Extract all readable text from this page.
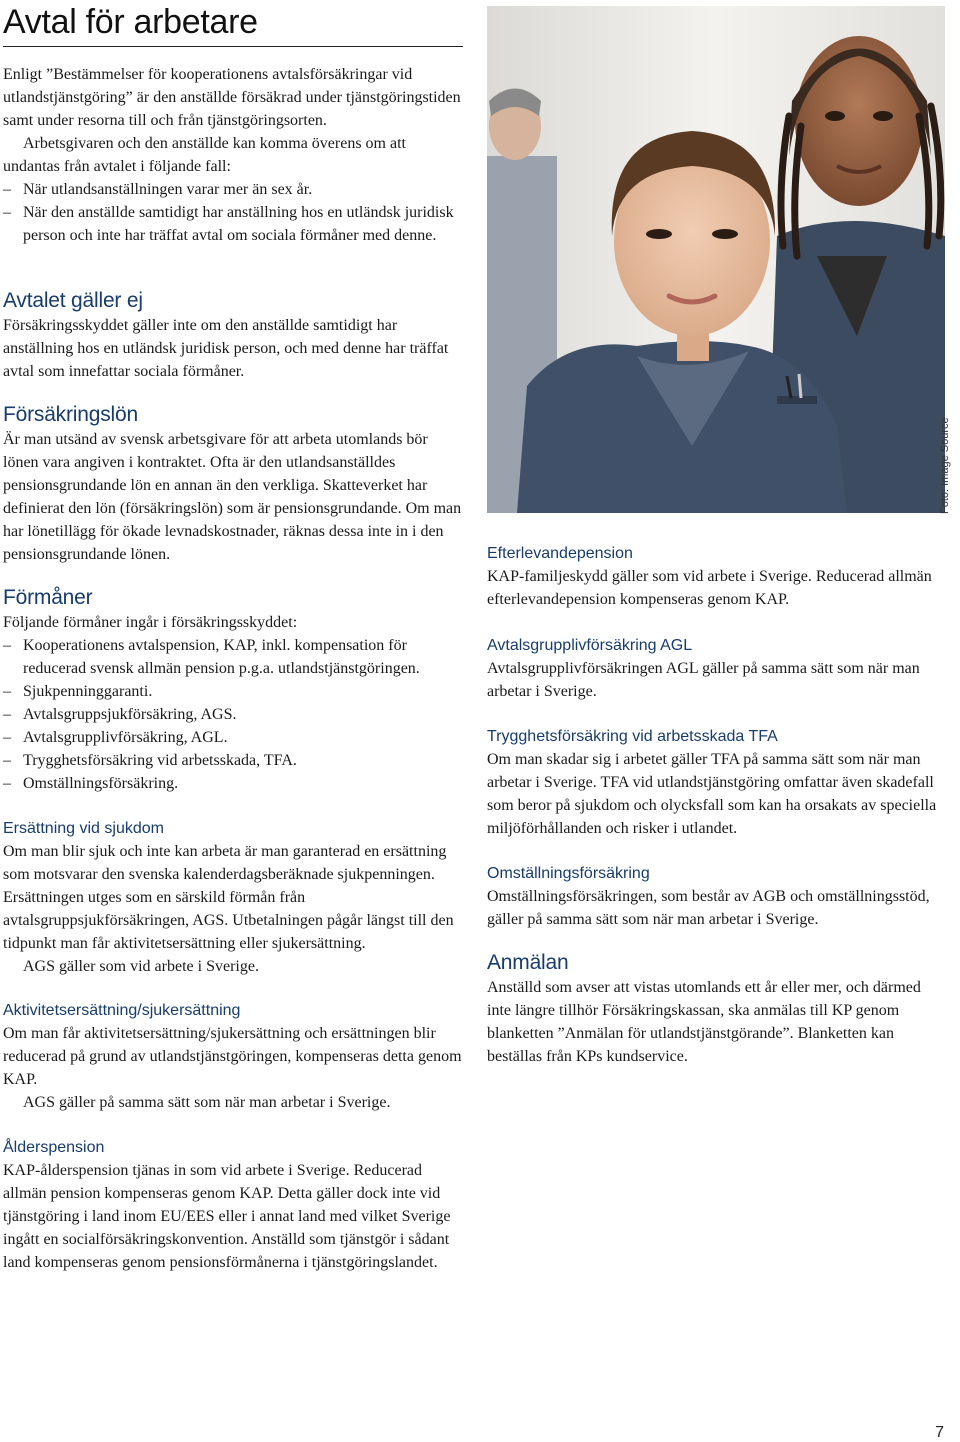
Avtal för arbetare

Enligt ”Bestämmelser för kooperationens avtalsförsäkringar vid utlandstjänstgöring” är den anställde försäkrad under tjänstgöringstiden samt under resorna till och från tjänstgöringsorten.

Arbetsgivaren och den anställde kan komma överens om att undantas från avtalet i följande fall:

– När utlandsanställningen varar mer än sex år.
– När den anställde samtidigt har anställning hos en utländsk juridisk person och inte har träffat avtal om sociala förmåner med denne.
Avtalet gäller ej

Försäkringsskyddet gäller inte om den anställde samtidigt har anställning hos en utländsk juridisk person, och med denne har träffat avtal som innefattar sociala förmåner.

Försäkringslön

Är man utsänd av svensk arbetsgivare för att arbeta utomlands bör lönen vara angiven i kontraktet. Ofta är den utlandsanställdes pensionsgrundande lön en annan än den verkliga. Skatteverket har definierat den lön (försäkringslön) som är pensionsgrundande. Om man har lönetillägg för ökade levnadskostnader, räknas dessa inte in i den pensionsgrundande lönen.

Förmåner

Följande förmåner ingår i försäkringsskyddet:

– Kooperationens avtalspension, KAP, inkl. kompensation för reducerad svensk allmän pension p.g.a. utlandstjänstgöringen.
– Sjukpenninggaranti.
– Avtalsgruppsjukförsäkring, AGS.
– Avtalsgrupplivförsäkring, AGL.
– Trygghetsförsäkring vid arbetsskada, TFA.
– Omställningsförsäkring.
Ersättning vid sjukdom

Om man blir sjuk och inte kan arbeta är man garanterad en ersättning som motsvarar den svenska kalenderdagsberäknade sjukpenningen. Ersättningen utges som en särskild förmån från avtalsgruppsjukförsäkringen, AGS. Utbetalningen pågår längst till den tidpunkt man får aktivitetsersättning eller sjukersättning.

AGS gäller som vid arbete i Sverige.

Aktivitetsersättning/sjukersättning

Om man får aktivitetsersättning/sjukersättning och ersättningen blir reducerad på grund av utlandstjänstgöringen, kompenseras detta genom KAP.

AGS gäller på samma sätt som när man arbetar i Sverige.

Ålderspension

KAP-ålderspension tjänas in som vid arbete i Sverige. Reducerad allmän pension kompenseras genom KAP. Detta gäller dock inte vid tjänstgöring i land inom EU/EES eller i annat land med vilket Sverige ingått en socialförsäkringskonvention. Anställd som tjänstgör i sådant land kompenseras genom pensionsförmånerna i tjänstgöringslandet.

Foto: Image Source
Efterlevandepension

KAP-familjeskydd gäller som vid arbete i Sverige. Reducerad allmän efterlevandepension kompenseras genom KAP.

Avtalsgrupplivförsäkring AGL

Avtalsgrupplivförsäkringen AGL gäller på samma sätt som när man arbetar i Sverige.

Trygghetsförsäkring vid arbetsskada TFA

Om man skadar sig i arbetet gäller TFA på samma sätt som när man arbetar i Sverige. TFA vid utlandstjänstgöring omfattar även skadefall som beror på sjukdom och olycksfall som kan ha orsakats av speciella miljöförhållanden och risker i utlandet.

Omställningsförsäkring

Omställningsförsäkringen, som består av AGB och omställningsstöd, gäller på samma sätt som när man arbetar i Sverige.

Anmälan

Anställd som avser att vistas utomlands ett år eller mer, och därmed inte längre tillhör Försäkringskassan, ska anmälas till KP genom blanketten ”Anmälan för utlandstjänstgörande”. Blanketten kan beställas från KPs kundservice.

7
